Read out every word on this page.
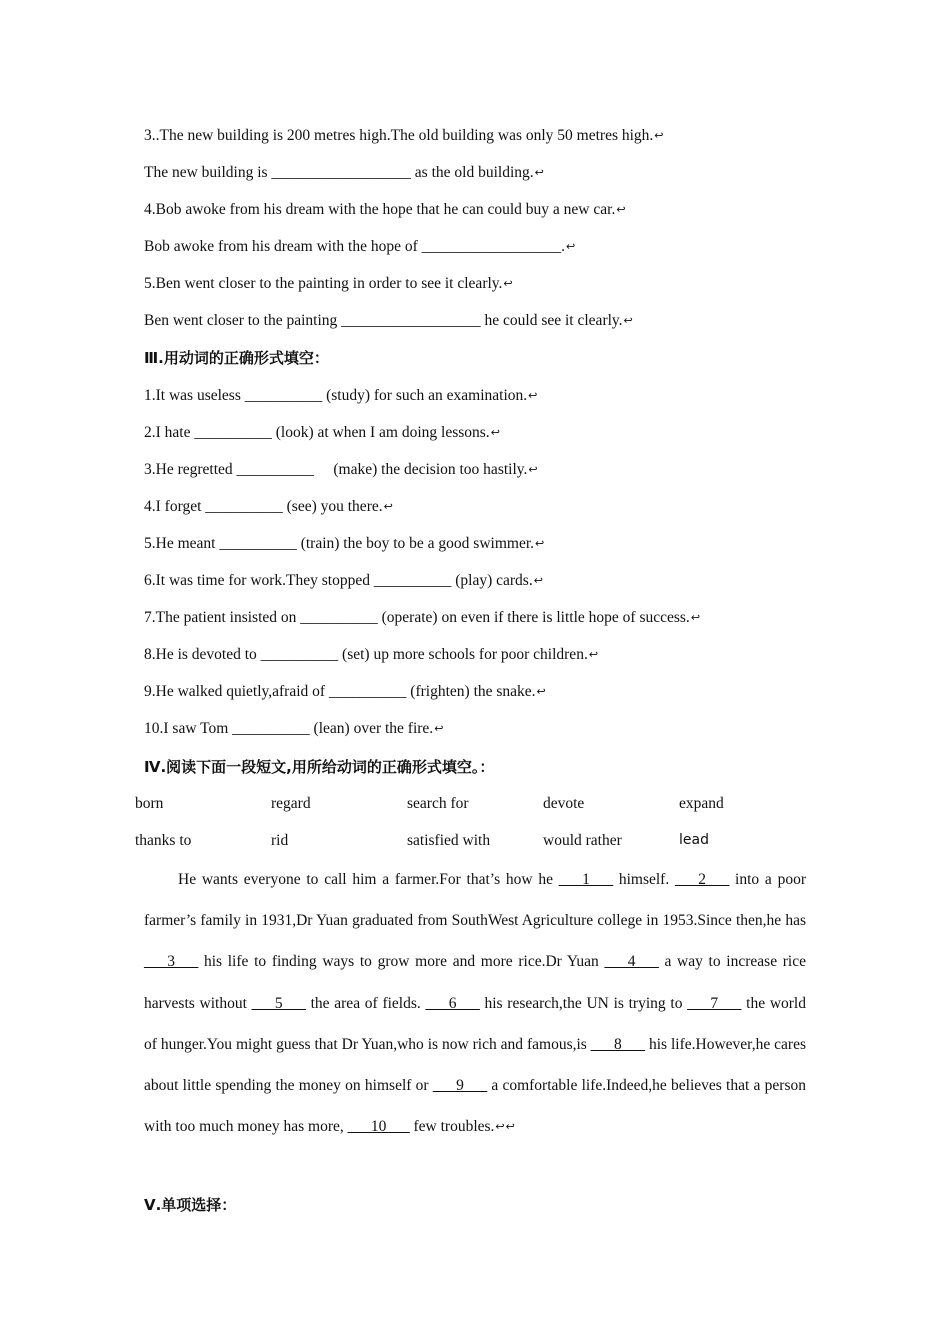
3..The new building is 200 metres high.The old building was only 50 metres high.↩
The new building is __________________ as the old building.↩
4.Bob awoke from his dream with the hope that he can could buy a new car.↩
Bob awoke from his dream with the hope of __________________.↩
5.Ben went closer to the painting in order to see it clearly.↩
Ben went closer to the painting __________________ he could see it clearly.↩
Ⅲ.用动词的正确形式填空：
1.It was useless __________ (study) for such an examination.↩
2.I hate __________ (look) at when I am doing lessons.↩
3.He regretted __________     (make) the decision too hastily.↩
4.I forget __________ (see) you there.↩
5.He meant __________ (train) the boy to be a good swimmer.↩
6.It was time for work.They stopped __________ (play) cards.↩
7.The patient insisted on __________ (operate) on even if there is little hope of success.↩
8.He is devoted to __________ (set) up more schools for poor children.↩
9.He walked quietly,afraid of __________ (frighten) the snake.↩
10.I saw Tom __________ (lean) over the fire.↩
Ⅳ.阅读下面一段短文,用所给动词的正确形式填空。：
born	regard	search for	devote	expand
thanks to	rid	satisfied with	would rather	lead

He wants everyone to call him a farmer.For that’s how he ___1___ himself. ___2___ into a poor farmer’s family in 1931,Dr Yuan graduated from SouthWest Agriculture college in 1953.Since then,he has ___3___ his life to finding ways to grow more and more rice.Dr Yuan ___4___ a way to increase rice harvests without ___5___ the area of fields. ___6___ his research,the UN is trying to ___7___ the world of hunger.You might guess that Dr Yuan,who is now rich and famous,is ___8___ his life.However,he cares about little spending the money on himself or ___9___ a comfortable life.Indeed,he believes that a person with too much money has more, ___10___ few troubles.↩↩

Ⅴ.单项选择：
